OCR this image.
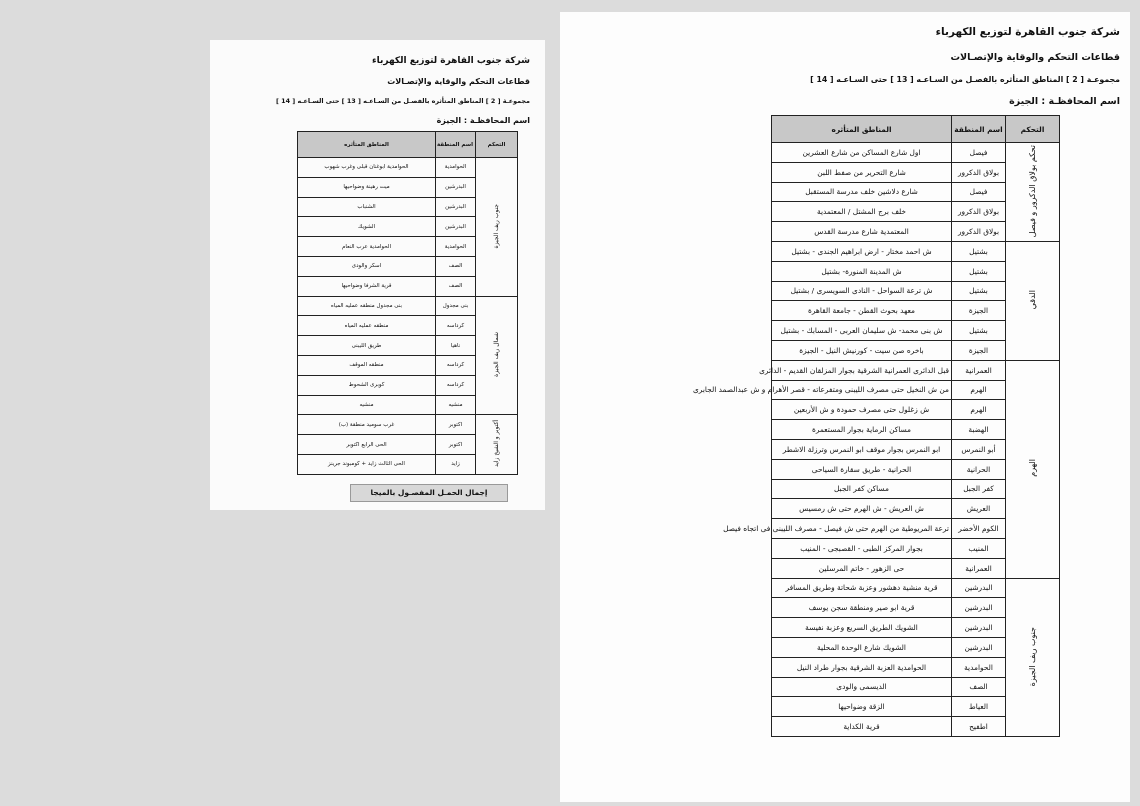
شركة جنوب القاهرة لتوزيع الكهرباء
قطاعات التحكم والوقاية والإتصـالات
مجموعـة [ 2 ] المناطق المتأثره بالفصـل من السـاعـه [ 13 ] حتى السـاعـه [ 14 ]
اسم المحافظـة : الجيزة
التحكم	اسم المنطقة	المناطق المتأثره
جنوب ريف الجيزة	الحوامدية	الحوامدية ابوغنان قبلى وغرب شهوب
	البدرشين	ميت رهينة وضواحيها
	البدرشين	الشنباب
	البدرشين	الشويك
	الحوامدية	الحوامدية عرب النعام
	الصف	اسكر والودى
	الصف	قرية الشرفا وضواحيها
شمال ريف الجيزة	بنى مجدول	بنى مجدول منطقه عمليه المياه
	كرداسه	منطقه عمليه المياه
	ناهيا	طريق الليبنى
	كرداسه	منطقه الموقف
	كرداسه	كوبرى الشحوط
	منشيه	منشيه
أكتوبر و الشيخ زايد	اكتوبر	غرب سوميد منطقة (ب)
	اكتوبر	الحى الرابع اكتوبر
	زايد	الحى الثالث زايد + كومبوند جرينز
إجمال الحمـل المفصـول بالميجا
شركة جنوب القاهرة لتوزيع الكهرباء
قطاعات التحكم والوقاية والإتصـالات
مجموعـة [ 2 ] المناطق المتأثره بالفصـل من السـاعـه [ 13 ] حتى السـاعـه [ 14 ]
اسم المحافظـة : الجيزة
التحكم	اسم المنطقة	المناطق المتأثره
تحكم بولاق الدكرور و فيصل	فيصل	اول شارع المساكن من شارع العشرين
	بولاق الدكرور	شارع التحرير من صفط اللبن
	فيصل	شارع دلاشين خلف مدرسة المستقبل
	بولاق الدكرور	خلف برج المشتل / المعتمدية
	بولاق الدكرور	المعتمدية شارع مدرسة القدس
الدقي	بشتيل	ش احمد مختار - ارض ابراهيم الجندى - بشتيل
	بشتيل	ش المدينة المنورة- بشتيل
	بشتيل	ش ترعة السواحل - النادى السويسرى / بشتيل
	الجيزة	معهد بحوث القطن - جامعة القاهرة
	بشتيل	ش بنى محمد- ش سليمان العربى - المسابك - بشتيل
	الجيزة	باخره صن سيت - كورنيش النيل - الجيزة
الهرم	العمرانية	قبل الدائرى العمرانية الشرقية بجوار المزلقان القديم - الدائرى
	الهرم	من ش النخيل حتى مصرف الليبنى ومتفرعاته - قصر الأهرام و ش عبدالصمد الجابرى
	الهرم	ش زغلول حتى مصرف حمودة و ش الأربعين
	الهضبة	مساكن الرماية بجوار المستعمرة
	أبو النمرس	ابو النمرس بجوار موقف ابو النمرس وترزلة الاشطر
	الحرانية	الحرانية - طريق سقارة السياحى
	كفر الجبل	مساكن كفر الجبل
	العريش	ش العريش - ش الهرم حتى ش رمسيس
	الكوم الأخضر	ترعة المريوطية من الهرم حتى ش فيصل - مصرف الليبنى فى اتجاه فيصل
	المنيب	بجوار المركز الطبى - القصبجى - المنيب
	العمرانية	حى الزهور - خاتم المرسلين
جنوب ريف الجيزة	البدرشين	قرية منشية دهشور وعزبة شحاتة وطريق المسافر
	البدرشين	قرية ابو صير ومنطقة سجن يوسف
	البدرشين	الشويك الطريق السريع وعزبة نفيسة
	البدرشين	الشويك شارع الوحدة المحلية
	الحوامدية	الحوامدية العزبة الشرقية بجوار طراد النيل
	الصف	الديسمى والودى
	العياط	الزقة وضواحيها
	اطفيح	قرية الكداية
